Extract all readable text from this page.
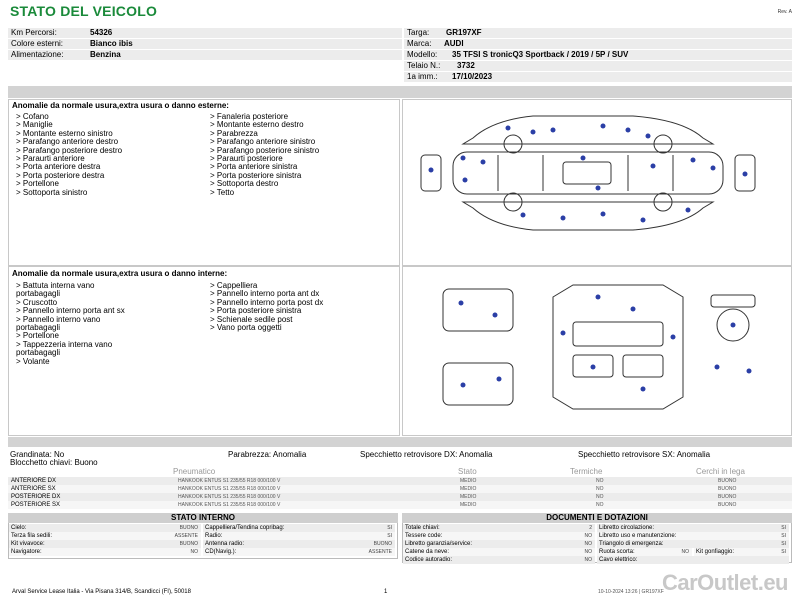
STATO DEL VEICOLO	Rev. A
Km Percorsi:	54326
Colore esterni:	Bianco ibis
Alimentazione:	Benzina
Targa: GR197XF
Marca: AUDI
Modello: 35 TFSI S tronicQ3 Sportback / 2019 / 5P / SUV
Telaio N.: 3732
1a imm.: 17/10/2023
Anomalie da normale usura,extra usura o danno esterne:
> Cofano
> Maniglie
> Montante esterno sinistro
> Parafango anteriore destro
> Parafango posteriore destro
> Paraurti anteriore
> Porta anteriore destra
> Porta posteriore destra
> Portellone
> Sottoporta sinistro
> Fanaleria posteriore
> Montante esterno destro
> Parabrezza
> Parafango anteriore sinistro
> Parafango posteriore sinistro
> Paraurti posteriore
> Porta anteriore sinistra
> Porta posteriore sinistra
> Sottoporta destro
> Tetto
Anomalie da normale usura,extra usura o danno interne:
> Battuta interna vano
portabagagli
> Cruscotto
> Pannello interno porta ant sx
> Pannello interno vano
portabagagli
> Portellone
> Tappezzeria interna vano
portabagagli
> Volante
> Cappelliera
> Pannello interno porta ant dx
> Pannello interno porta post dx
> Porta posteriore sinistra
> Schienale sedile post
> Vano porta oggetti
Grandinata: No	Parabrezza: Anomalia	Specchietto retrovisore DX: Anomalia	Specchietto retrovisore SX: Anomalia
Blocchetto chiavi: Buono
Pneumatico	Stato	Termiche	Cerchi in lega
ANTERIORE DX	HANKOOK ENTUS S1 235/55 R18 000/100 V	MEDIO	NO	BUONO
ANTERIORE SX	HANKOOK ENTUS S1 235/55 R18 000/100 V	MEDIO	NO	BUONO
POSTERIORE DX	HANKOOK ENTUS S1 235/55 R18 000/100 V	MEDIO	NO	BUONO
POSTERIORE SX	HANKOOK ENTUS S1 235/55 R18 000/100 V	MEDIO	NO	BUONO
STATO INTERNO
Cielo:	BUONO Cappelliera/Tendina copribag:	SI
Terza fila sedili:	ASSENTE Radio:	SI
Kit vivavoce:	BUONO Antenna radio:	BUONO
Navigatore:	NO CD(Navig.):	ASSENTE
DOCUMENTI E DOTAZIONI
Totale chiavi:	2 Libretto circolazione:	SI
Tessere code:	NO Libretto uso e manutenzione:	SI
Libretto garanzia/service:	NO Triangolo di emergenza:	SI
Catene da neve:	NO Ruota scorta:	NO Kit gonfiaggio:	SI
Codice autoradio:	NO Cavo elettrico:
Arval Service Lease Italia - Via Pisana 314/B, Scandicci (FI), 50018	1	10-10-2024 13:26 | GR197XF
CarOutlet.eu
